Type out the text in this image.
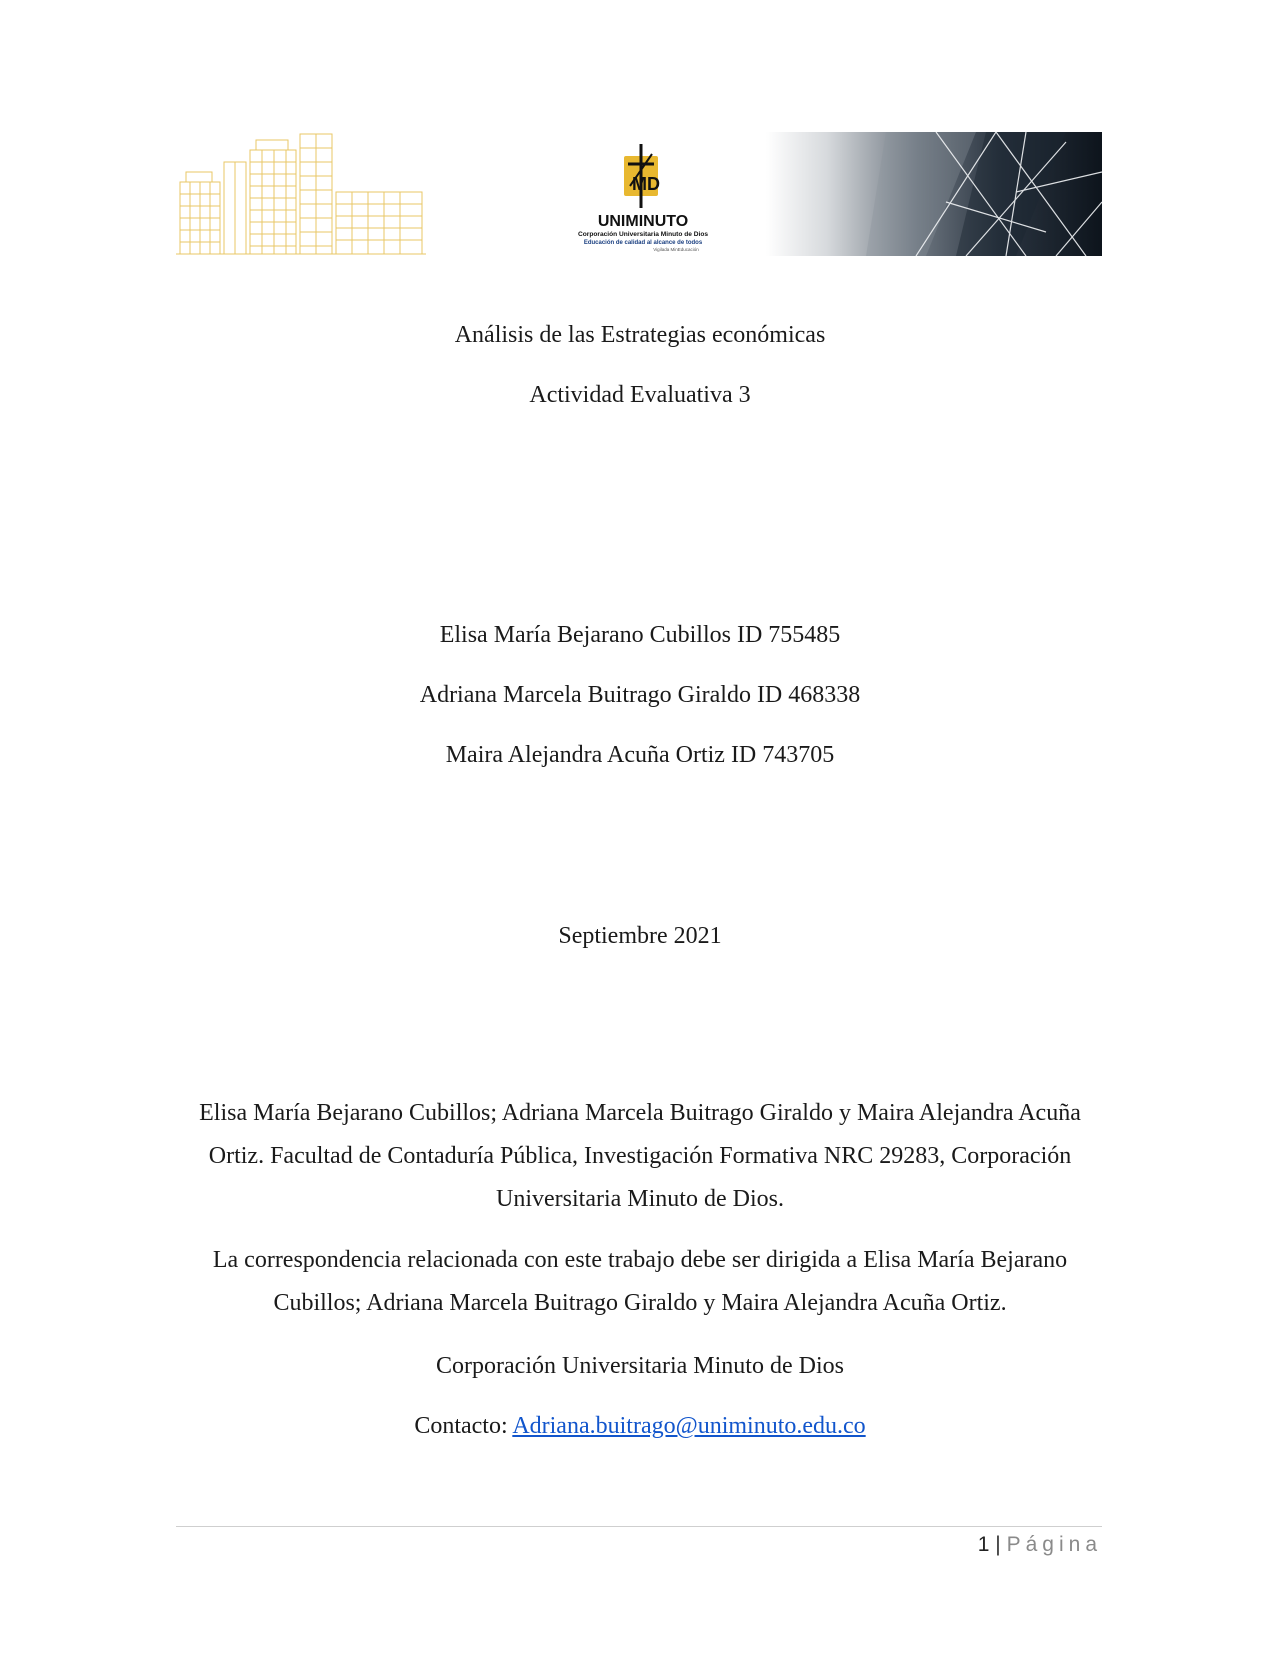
MD
UNIMINUTO
Corporación Universitaria Minuto de Dios
Educación de calidad al alcance de todos
Vigilada MinEducación

Análisis de las Estrategias económicas

Actividad Evaluativa 3

Elisa María Bejarano Cubillos ID 755485

Adriana Marcela Buitrago Giraldo ID 468338

Maira Alejandra Acuña Ortiz ID 743705

Septiembre 2021

Elisa María Bejarano Cubillos; Adriana Marcela Buitrago Giraldo y Maira Alejandra Acuña Ortiz. Facultad de Contaduría Pública, Investigación Formativa NRC 29283, Corporación Universitaria Minuto de Dios.

La correspondencia relacionada con este trabajo debe ser dirigida a Elisa María Bejarano Cubillos; Adriana Marcela Buitrago Giraldo y Maira Alejandra Acuña Ortiz.

Corporación Universitaria Minuto de Dios

Contacto: Adriana.buitrago@uniminuto.edu.co

1 | Página
